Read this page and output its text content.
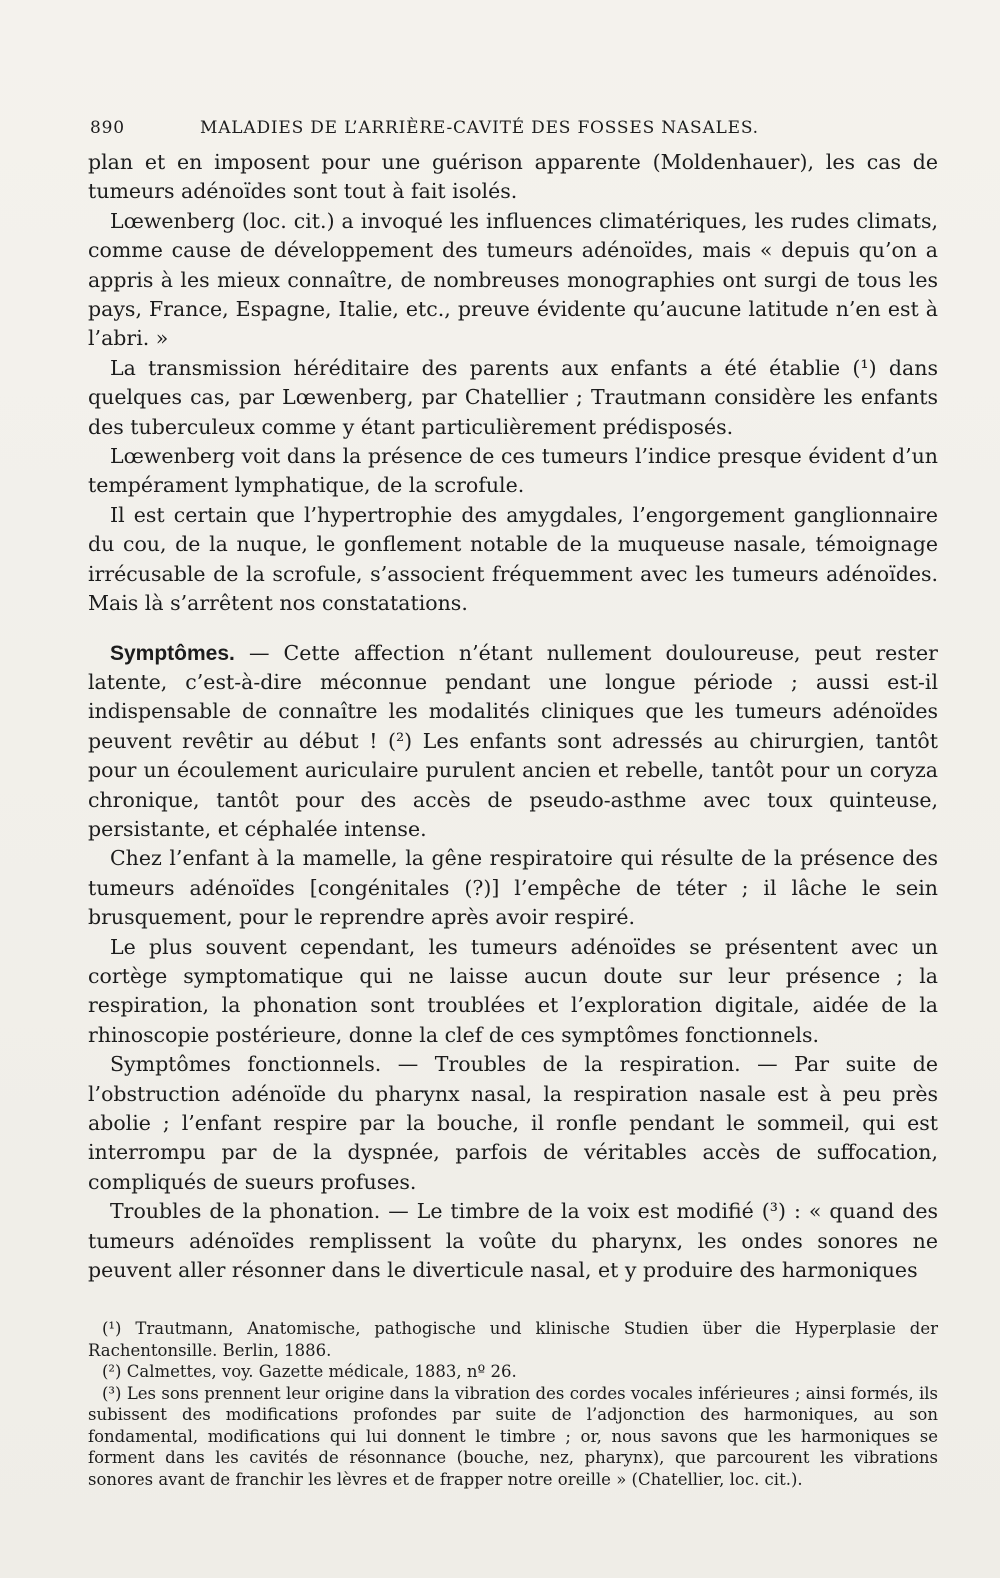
890	MALADIES DE L’ARRIÈRE-CAVITÉ DES FOSSES NASALES.

plan et en imposent pour une guérison apparente (Moldenhauer), les cas de tumeurs adénoïdes sont tout à fait isolés.

Lœwenberg (loc. cit.) a invoqué les influences climatériques, les rudes climats, comme cause de développement des tumeurs adénoïdes, mais « depuis qu’on a appris à les mieux connaître, de nombreuses monographies ont surgi de tous les pays, France, Espagne, Italie, etc., preuve évidente qu’aucune latitude n’en est à l’abri. »

La transmission héréditaire des parents aux enfants a été établie (¹) dans quelques cas, par Lœwenberg, par Chatellier ; Trautmann considère les enfants des tuberculeux comme y étant particulièrement prédisposés.

Lœwenberg voit dans la présence de ces tumeurs l’indice presque évident d’un tempérament lymphatique, de la scrofule.

Il est certain que l’hypertrophie des amygdales, l’engorgement ganglionnaire du cou, de la nuque, le gonflement notable de la muqueuse nasale, témoignage irrécusable de la scrofule, s’associent fréquemment avec les tumeurs adénoïdes. Mais là s’arrêtent nos constatations.

Symptômes. — Cette affection n’étant nullement douloureuse, peut rester latente, c’est-à-dire méconnue pendant une longue période ; aussi est-il indispensable de connaître les modalités cliniques que les tumeurs adénoïdes peuvent revêtir au début ! (²) Les enfants sont adressés au chirurgien, tantôt pour un écoulement auriculaire purulent ancien et rebelle, tantôt pour un coryza chronique, tantôt pour des accès de pseudo-asthme avec toux quinteuse, persistante, et céphalée intense.

Chez l’enfant à la mamelle, la gêne respiratoire qui résulte de la présence des tumeurs adénoïdes [congénitales (?)] l’empêche de téter ; il lâche le sein brusquement, pour le reprendre après avoir respiré.

Le plus souvent cependant, les tumeurs adénoïdes se présentent avec un cortège symptomatique qui ne laisse aucun doute sur leur présence ; la respiration, la phonation sont troublées et l’exploration digitale, aidée de la rhinoscopie postérieure, donne la clef de ces symptômes fonctionnels.

Symptômes fonctionnels. — Troubles de la respiration. — Par suite de l’obstruction adénoïde du pharynx nasal, la respiration nasale est à peu près abolie ; l’enfant respire par la bouche, il ronfle pendant le sommeil, qui est interrompu par de la dyspnée, parfois de véritables accès de suffocation, compliqués de sueurs profuses.

Troubles de la phonation. — Le timbre de la voix est modifié (³) : « quand des tumeurs adénoïdes remplissent la voûte du pharynx, les ondes sonores ne peuvent aller résonner dans le diverticule nasal, et y produire des harmoniques

(¹) Trautmann, Anatomische, pathogische und klinische Studien über die Hyperplasie der Rachentonsille. Berlin, 1886.

(²) Calmettes, voy. Gazette médicale, 1883, nº 26.

(³) Les sons prennent leur origine dans la vibration des cordes vocales inférieures ; ainsi formés, ils subissent des modifications profondes par suite de l’adjonction des harmoniques, au son fondamental, modifications qui lui donnent le timbre ; or, nous savons que les harmoniques se forment dans les cavités de résonnance (bouche, nez, pharynx), que parcourent les vibrations sonores avant de franchir les lèvres et de frapper notre oreille » (Chatellier, loc. cit.).
